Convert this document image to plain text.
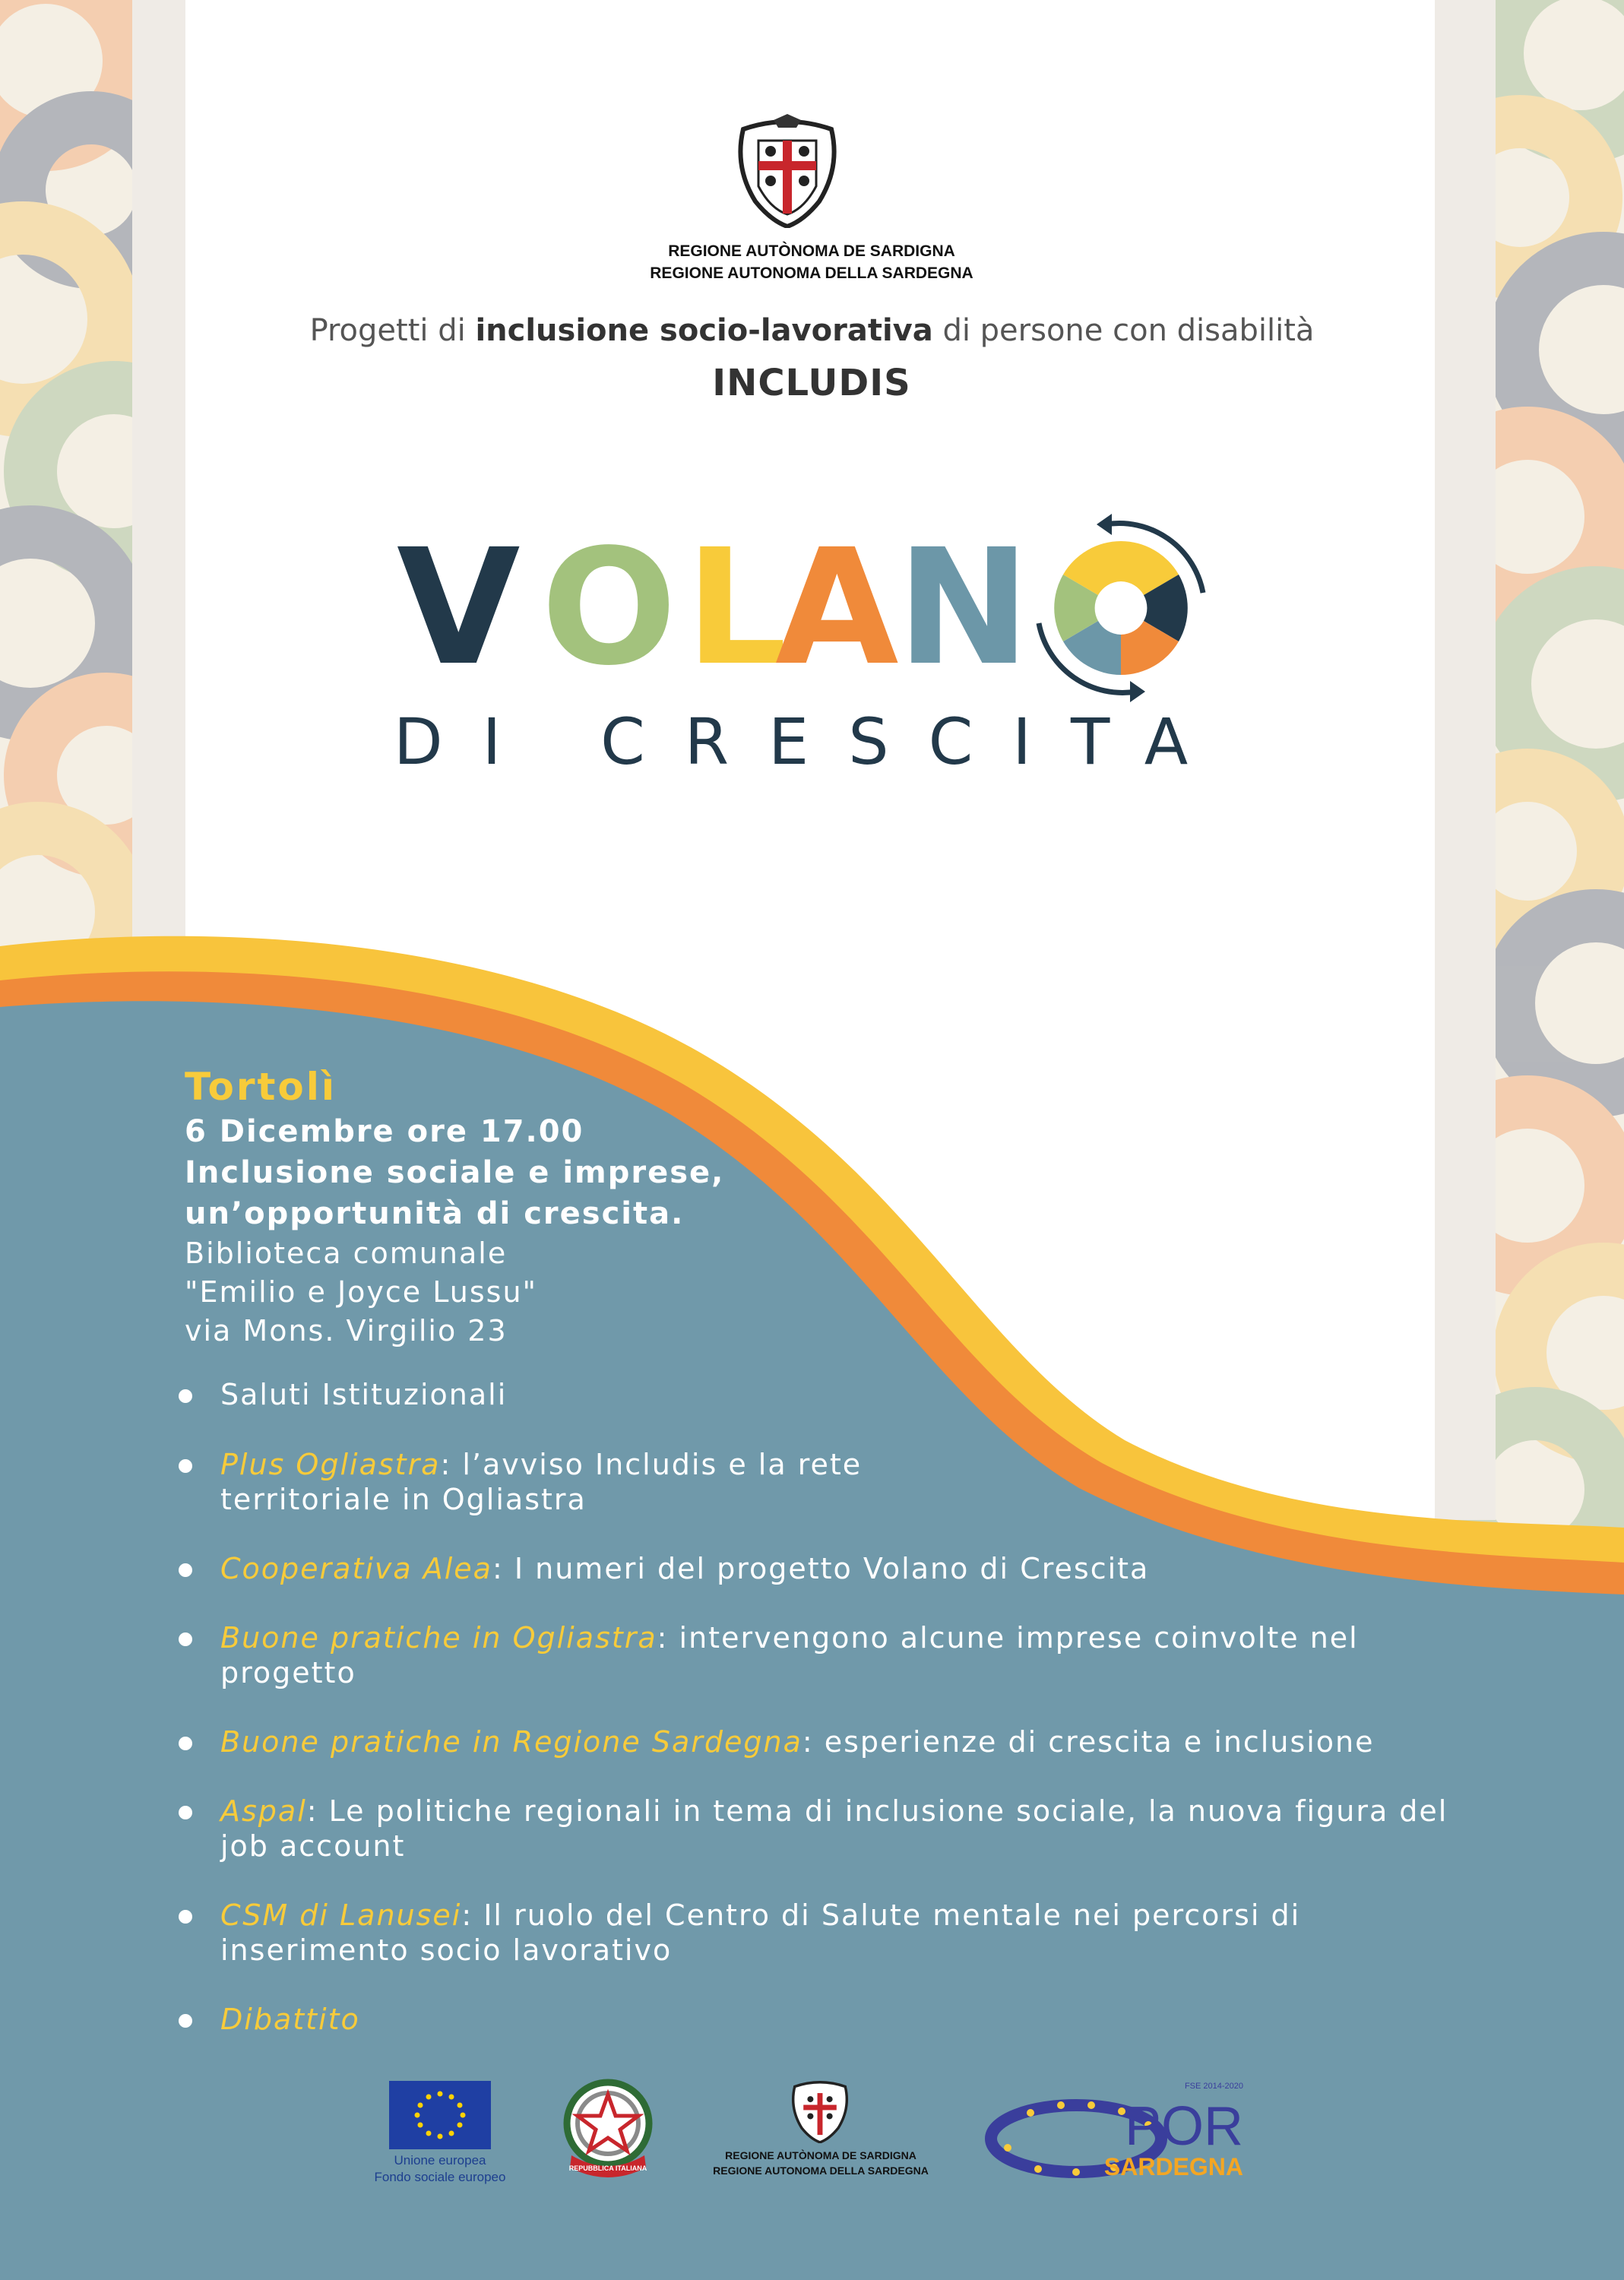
REGIONE AUTÒNOMA DE SARDIGNA
REGIONE AUTONOMA DELLA SARDEGNA
Progetti di inclusione socio-lavorativa di persone con disabilità
INCLUDIS
V O L
A
N
DI CRESCITA
Tortolì
6 Dicembre ore 17.00
Inclusione sociale e imprese,
un’opportunità di crescita.
Biblioteca comunale
"Emilio e Joyce Lussu"
via Mons. Virgilio 23
Saluti Istituzionali
Plus Ogliastra: l’avviso Includis e la rete
territoriale in Ogliastra
Cooperativa Alea: I numeri del progetto Volano di Crescita
Buone pratiche in Ogliastra: intervengono alcune imprese coinvolte nel
progetto
Buone pratiche in Regione Sardegna: esperienze di crescita e inclusione
Aspal: Le politiche regionali in tema di inclusione sociale, la nuova figura del
job account
CSM di Lanusei: Il ruolo del Centro di Salute mentale nei percorsi di
inserimento socio lavorativo
Dibattito
Unione europea
Fondo sociale europeo
REPUBBLICA ITALIANA
REGIONE AUTÒNOMA DE SARDIGNA
REGIONE AUTONOMA DELLA SARDEGNA
FSE 2014-2020
POR
SARDEGNA
